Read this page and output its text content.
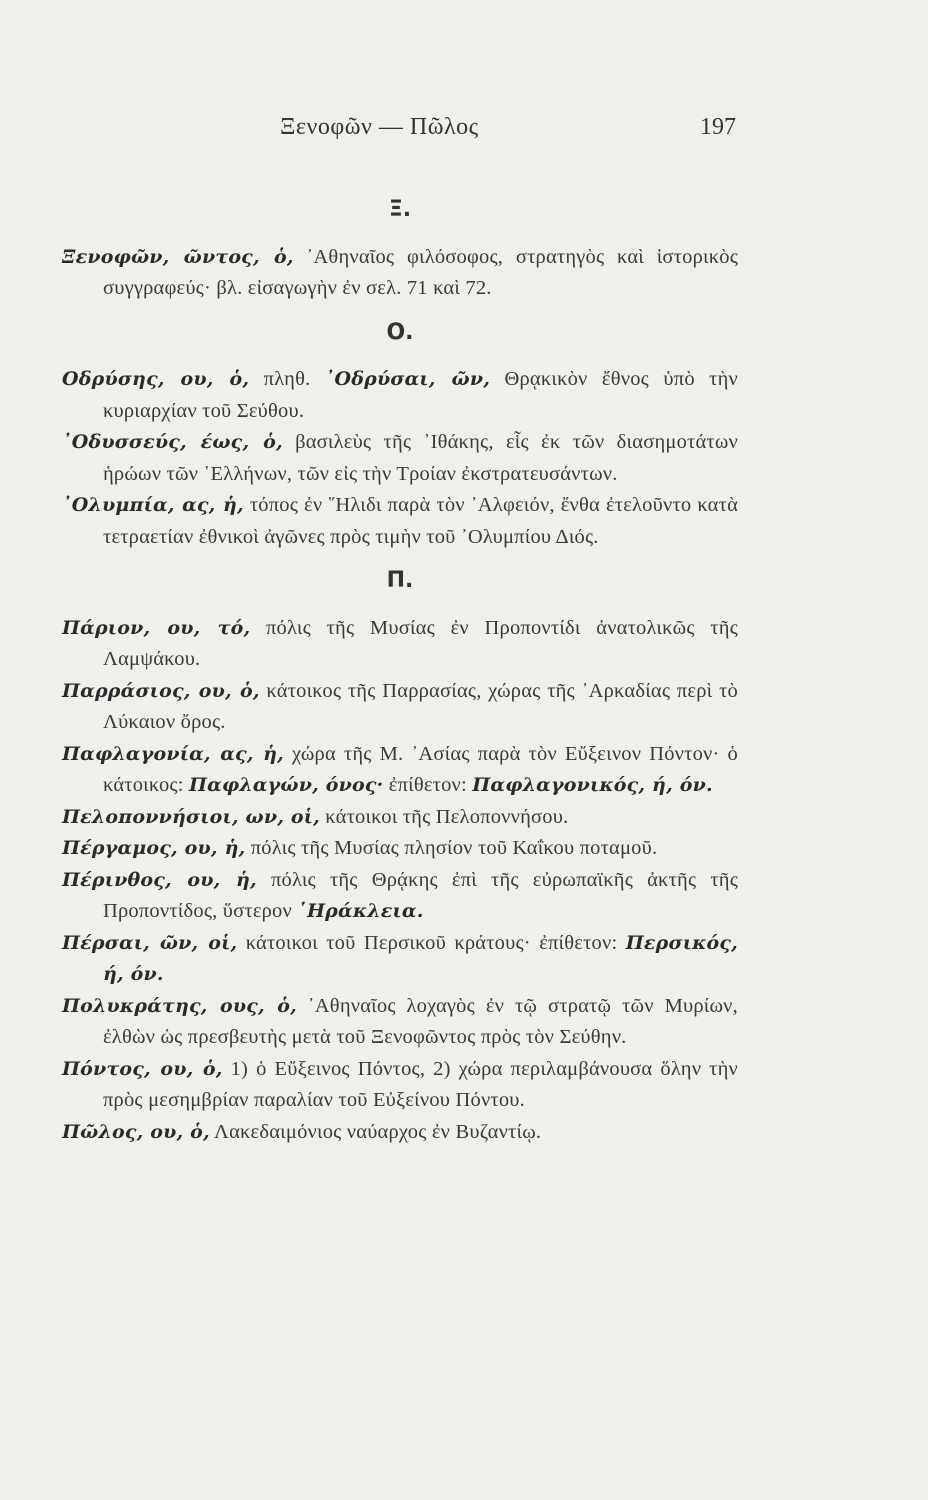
Ξενοφῶν — Πῶλος	197
Ξ.

Ξενοφῶν, ῶντος, ὁ, ᾿Αθηναῖος φιλόσοφος, στρατηγὸς καὶ ἱστορικὸς συγγραφεύς· βλ. εἰσαγωγὴν ἐν σελ. 71 καὶ 72.

Ο.

Οδρύσης, ου, ὁ, πληθ. ᾿Οδρύσαι, ῶν, Θρᾳκικὸν ἔθνος ὑπὸ τὴν κυριαρχίαν τοῦ Σεύθου.

᾿Οδυσσεύς, έως, ὁ, βασιλεὺς τῆς ᾿Ιθάκης, εἷς ἐκ τῶν διασημοτάτων ἡρώων τῶν ῾Ελλήνων, τῶν εἰς τὴν Τροίαν ἐκστρατευσάντων.

᾿Ολυμπία, ας, ἡ, τόπος ἐν ῞Ηλιδι παρὰ τὸν ᾿Αλφειόν, ἔνθα ἐτελοῦντο κατὰ τετραετίαν ἐθνικοὶ ἀγῶνες πρὸς τιμὴν τοῦ ᾿Ολυμπίου Διός.

Π.

Πάριον, ου, τό, πόλις τῆς Μυσίας ἐν Προποντίδι ἀνατολικῶς τῆς Λαμψάκου.

Παρράσιος, ου, ὁ, κάτοικος τῆς Παρρασίας, χώρας τῆς ᾿Αρκαδίας περὶ τὸ Λύκαιον ὄρος.

Παφλαγονία, ας, ἡ, χώρα τῆς Μ. ᾿Ασίας παρὰ τὸν Εὔξεινον Πόντον· ὁ κάτοικος: Παφλαγών, όνος· ἐπίθετον: Παφλαγονικός, ή, όν.

Πελοποννήσιοι, ων, οἱ, κάτοικοι τῆς Πελοποννήσου.

Πέργαμος, ου, ἡ, πόλις τῆς Μυσίας πλησίον τοῦ Καΐκου ποταμοῦ.

Πέρινθος, ου, ἡ, πόλις τῆς Θρᾴκης ἐπὶ τῆς εὐρωπαϊκῆς ἀκτῆς τῆς Προποντίδος, ὕστερον ῾Ηράκλεια.

Πέρσαι, ῶν, οἱ, κάτοικοι τοῦ Περσικοῦ κράτους· ἐπίθετον: Περσικός, ή, όν.

Πολυκράτης, ους, ὁ, ᾿Αθηναῖος λοχαγὸς ἐν τῷ στρατῷ τῶν Μυρίων, ἐλθὼν ὡς πρεσβευτὴς μετὰ τοῦ Ξενοφῶντος πρὸς τὸν Σεύθην.

Πόντος, ου, ὁ, 1) ὁ Εὔξεινος Πόντος, 2) χώρα περιλαμβάνουσα ὅλην τὴν πρὸς μεσημβρίαν παραλίαν τοῦ Εὐξείνου Πόντου.

Πῶλος, ου, ὁ, Λακεδαιμόνιος ναύαρχος ἐν Βυζαντίῳ.
